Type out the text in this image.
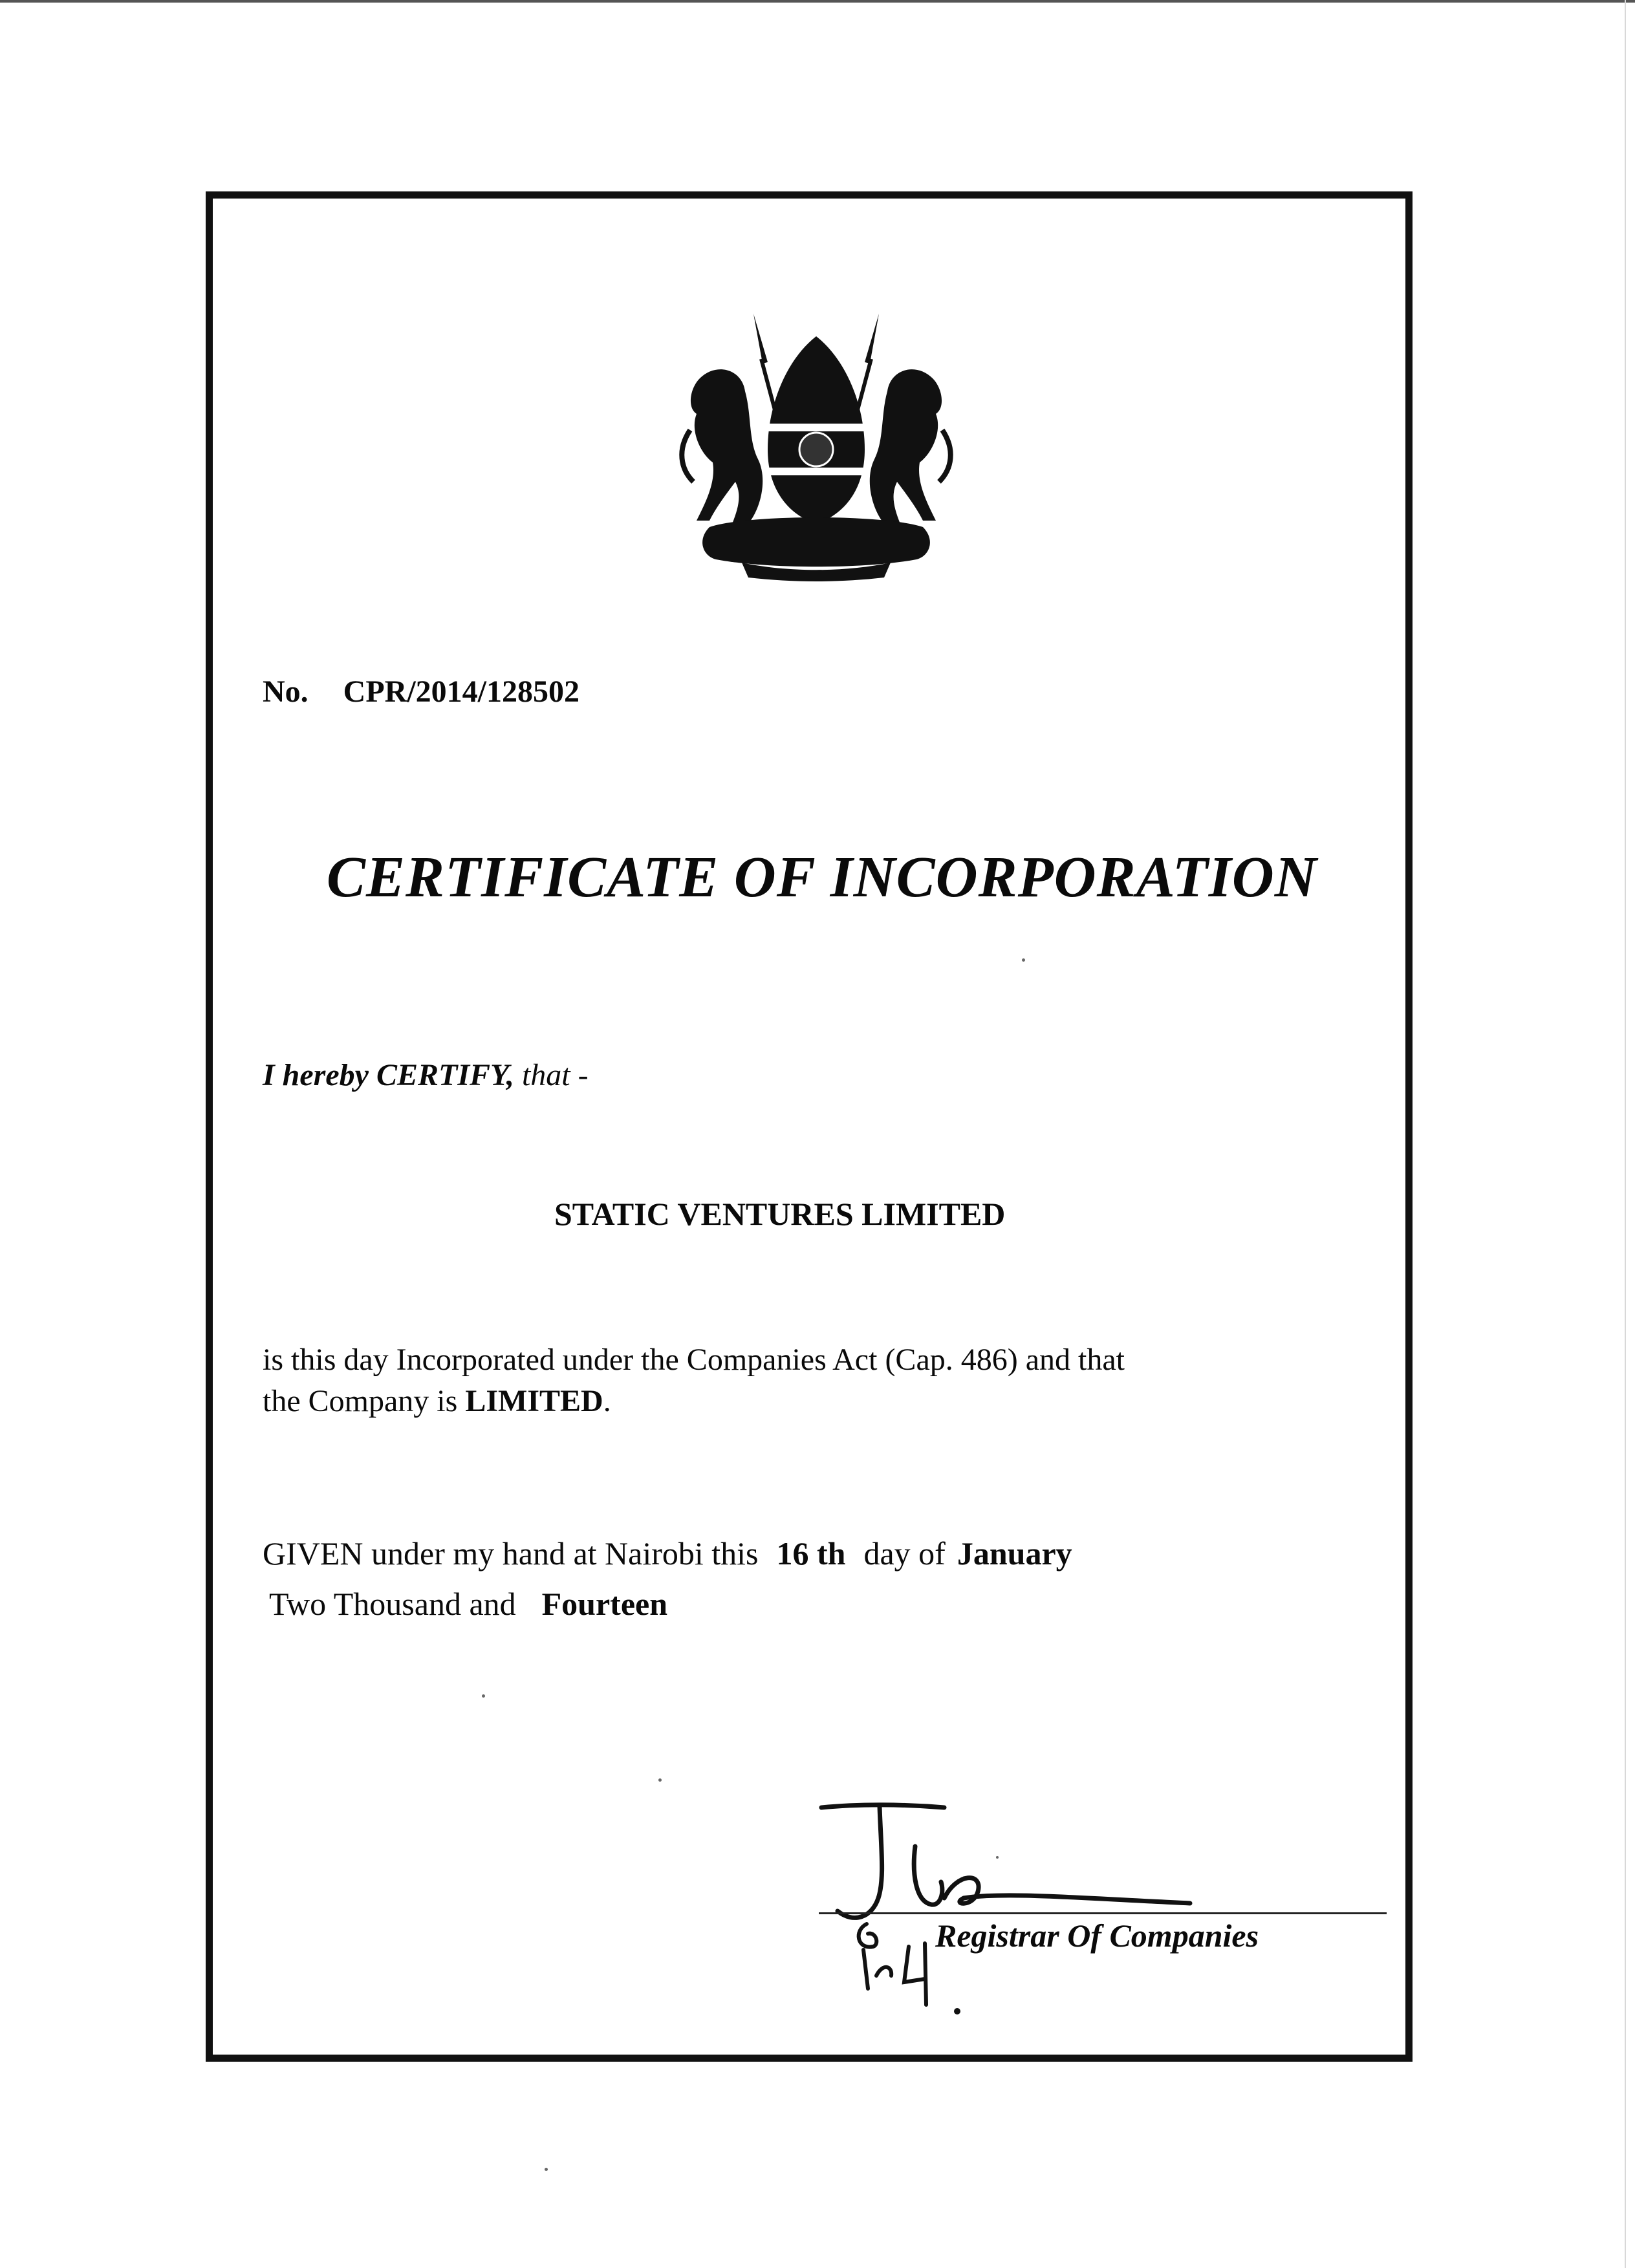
No. CPR/2014/128502
CERTIFICATE OF INCORPORATION
I hereby CERTIFY, that -
STATIC VENTURES LIMITED
is this day Incorporated under the Companies Act (Cap. 486) and that
the Company is LIMITED.
GIVEN under my hand at Nairobi this 16 th day of January
Two Thousand and Fourteen
Registrar Of Companies
